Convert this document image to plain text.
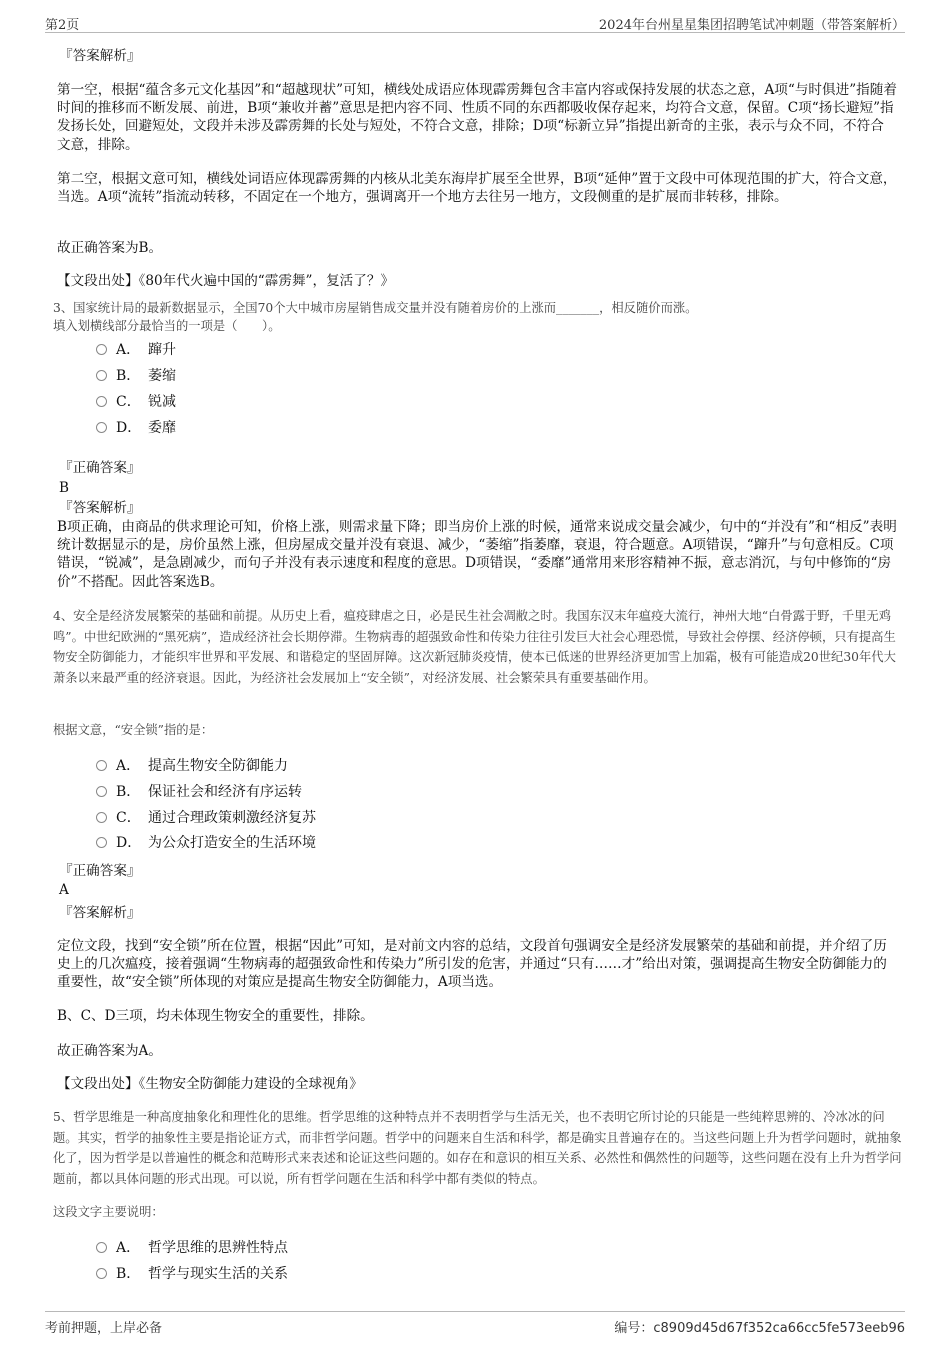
第2页	2024年台州星星集团招聘笔试冲刺题（带答案解析）
『答案解析』

第一空，根据“蕴含多元文化基因”和“超越现状”可知，横线处成语应体现霹雳舞包含丰富内容或保持发展的状态之意，A项“与时俱进”指随着时间的推移而不断发展、前进，B项“兼收并蓄”意思是把内容不同、性质不同的东西都吸收保存起来，均符合文意，保留。C项“扬长避短”指发扬长处，回避短处，文段并未涉及霹雳舞的长处与短处，不符合文意，排除；D项“标新立异”指提出新奇的主张，表示与众不同，不符合文意，排除。

第二空，根据文意可知，横线处词语应体现霹雳舞的内核从北美东海岸扩展至全世界，B项“延伸”置于文段中可体现范围的扩大，符合文意，当选。A项“流转”指流动转移，不固定在一个地方，强调离开一个地方去往另一地方，文段侧重的是扩展而非转移，排除。

故正确答案为B。

【文段出处】《80年代火遍中国的“霹雳舞”，复活了？》

3、国家统计局的最新数据显示，全国70个大中城市房屋销售成交量并没有随着房价的上涨而_______，相反随价而涨。

填入划横线部分最恰当的一项是（　　）。

A． 蹿升
B． 萎缩
C． 锐减
D． 委靡
『正确答案』
B
『答案解析』

B项正确，由商品的供求理论可知，价格上涨，则需求量下降；即当房价上涨的时候，通常来说成交量会减少，句中的“并没有”和“相反”表明统计数据显示的是，房价虽然上涨，但房屋成交量并没有衰退、减少，“萎缩”指萎靡，衰退，符合题意。A项错误，“蹿升”与句意相反。C项错误，“锐减”，是急剧减少，而句子并没有表示速度和程度的意思。D项错误，“委靡”通常用来形容精神不振，意志消沉，与句中修饰的“房价”不搭配。因此答案选B。

4、安全是经济发展繁荣的基础和前提。从历史上看，瘟疫肆虐之日，必是民生社会凋敝之时。我国东汉末年瘟疫大流行，神州大地“白骨露于野，千里无鸡鸣”。中世纪欧洲的“黑死病”，造成经济社会长期停滞。生物病毒的超强致命性和传染力往往引发巨大社会心理恐慌，导致社会停摆、经济停顿，只有提高生物安全防御能力，才能织牢世界和平发展、和谐稳定的坚固屏障。这次新冠肺炎疫情，使本已低迷的世界经济更加雪上加霜，极有可能造成20世纪30年代大萧条以来最严重的经济衰退。因此，为经济社会发展加上“安全锁”，对经济发展、社会繁荣具有重要基础作用。

根据文意，“安全锁”指的是：

A． 提高生物安全防御能力
B． 保证社会和经济有序运转
C． 通过合理政策刺激经济复苏
D． 为公众打造安全的生活环境
『正确答案』
A
『答案解析』

定位文段，找到“安全锁”所在位置，根据“因此”可知，是对前文内容的总结，文段首句强调安全是经济发展繁荣的基础和前提，并介绍了历史上的几次瘟疫，接着强调“生物病毒的超强致命性和传染力”所引发的危害，并通过“只有……才”给出对策，强调提高生物安全防御能力的重要性，故“安全锁”所体现的对策应是提高生物安全防御能力，A项当选。

B、C、D三项，均未体现生物安全的重要性，排除。

故正确答案为A。

【文段出处】《生物安全防御能力建设的全球视角》

5、哲学思维是一种高度抽象化和理性化的思维。哲学思维的这种特点并不表明哲学与生活无关，也不表明它所讨论的只能是一些纯粹思辨的、冷冰冰的问题。其实，哲学的抽象性主要是指论证方式，而非哲学问题。哲学中的问题来自生活和科学，都是确实且普遍存在的。当这些问题上升为哲学问题时，就抽象化了，因为哲学是以普遍性的概念和范畴形式来表述和论证这些问题的。如存在和意识的相互关系、必然性和偶然性的问题等，这些问题在没有上升为哲学问题前，都以具体问题的形式出现。可以说，所有哲学问题在生活和科学中都有类似的特点。

这段文字主要说明：

A． 哲学思维的思辨性特点
B． 哲学与现实生活的关系
考前押题，上岸必备	编号：c8909d45d67f352ca66cc5fe573eeb96
